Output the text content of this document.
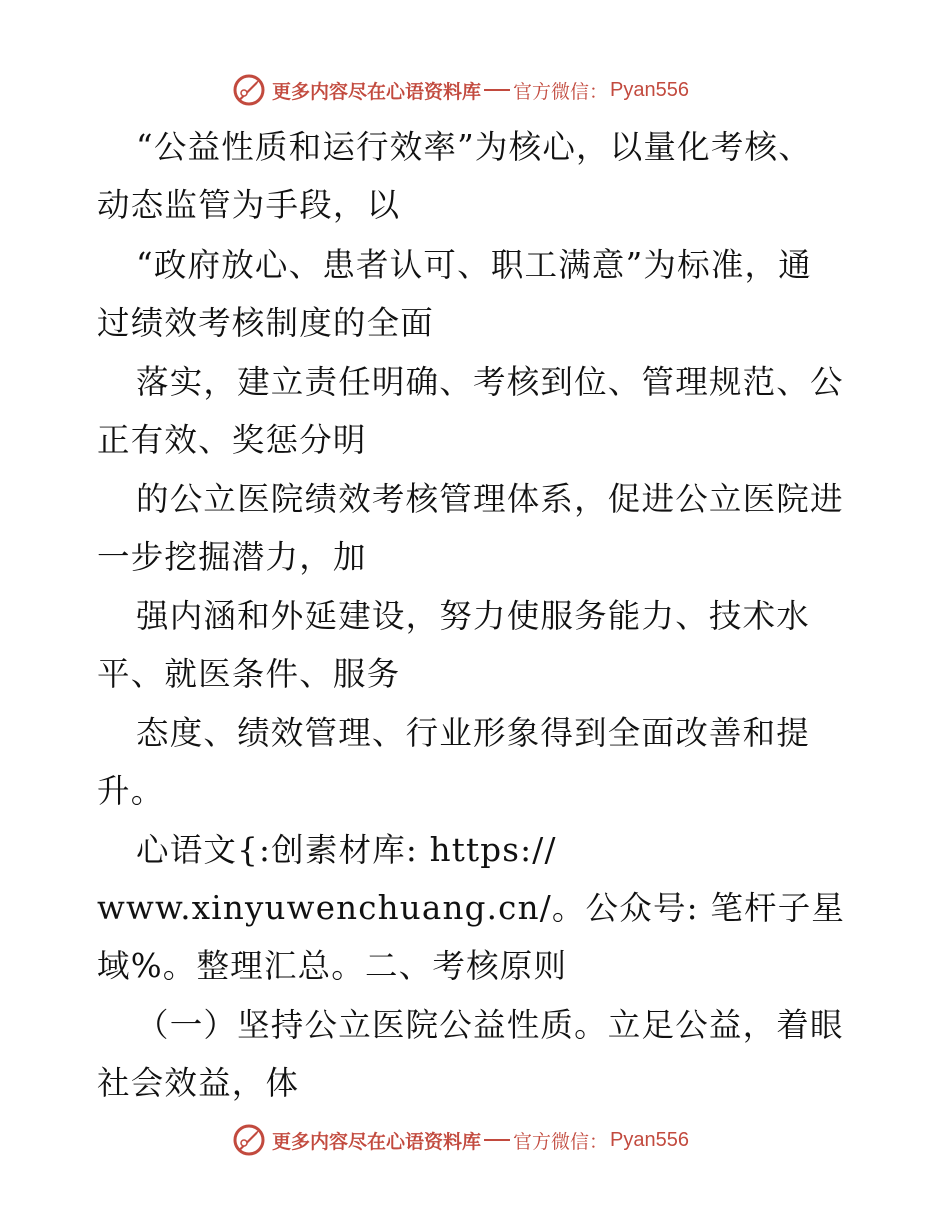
更多内容尽在心语资料库 官方微信： Pyan556
“公益性质和运行效率”为核心，以量化考核、
动态监管为手段，以
“政府放心、患者认可、职工满意”为标准，通
过绩效考核制度的全面
落实，建立责任明确、考核到位、管理规范、公
正有效、奖惩分明
的公立医院绩效考核管理体系，促进公立医院进
一步挖掘潜力，加
强内涵和外延建设，努力使服务能力、技术水
平、就医条件、服务
态度、绩效管理、行业形象得到全面改善和提
升。
心语文{:创素材库: https://
www.xinyuwenchuang.cn/。公众号: 笔杆子星
域%。整理汇总。二、考核原则
（一）坚持公立医院公益性质。立足公益，着眼
社会效益，体
更多内容尽在心语资料库 官方微信： Pyan556
